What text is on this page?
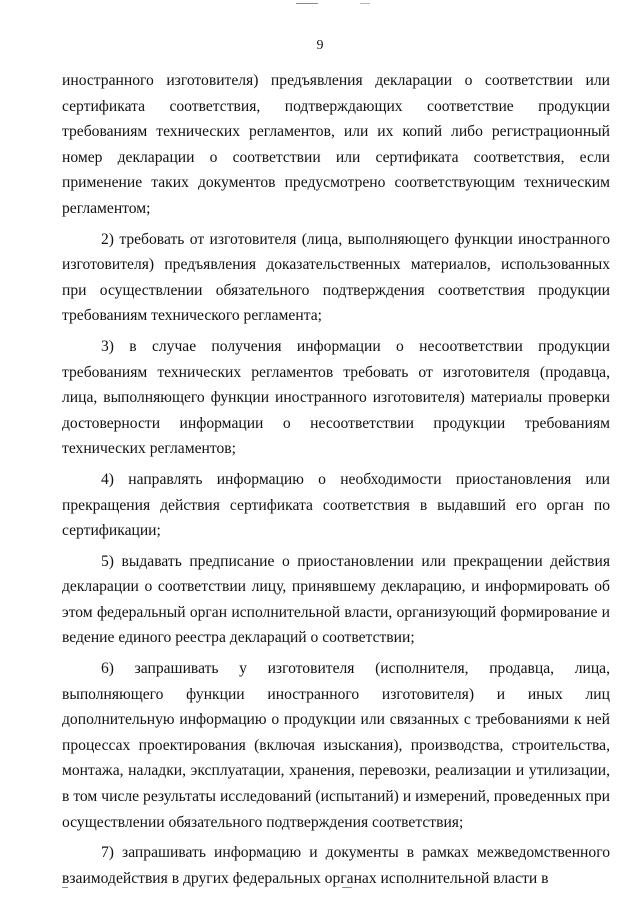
9

иностранного изготовителя) предъявления декларации о соответствии или сертификата соответствия, подтверждающих соответствие продукции требованиям технических регламентов, или их копий либо регистрационный номер декларации о соответствии или сертификата соответствия, если применение таких документов предусмотрено соответствующим техническим регламентом;

2) требовать от изготовителя (лица, выполняющего функции иностранного изготовителя) предъявления доказательственных материалов, использованных при осуществлении обязательного подтверждения соответствия продукции требованиям технического регламента;

3) в случае получения информации о несоответствии продукции требованиям технических регламентов требовать от изготовителя (продавца, лица, выполняющего функции иностранного изготовителя) материалы проверки достоверности информации о несоответствии продукции требованиям технических регламентов;

4) направлять информацию о необходимости приостановления или прекращения действия сертификата соответствия в выдавший его орган по сертификации;

5) выдавать предписание о приостановлении или прекращении действия декларации о соответствии лицу, принявшему декларацию, и информировать об этом федеральный орган исполнительной власти, организующий формирование и ведение единого реестра деклараций о соответствии;

6) запрашивать у изготовителя (исполнителя, продавца, лица, выполняющего функции иностранного изготовителя) и иных лиц дополнительную информацию о продукции или связанных с требованиями к ней процессах проектирования (включая изыскания), производства, строительства, монтажа, наладки, эксплуатации, хранения, перевозки, реализации и утилизации, в том числе результаты исследований (испытаний) и измерений, проведенных при осуществлении обязательного подтверждения соответствия;

7) запрашивать информацию и документы в рамках межведомственного взаимодействия в других федеральных органах исполнительной власти в
